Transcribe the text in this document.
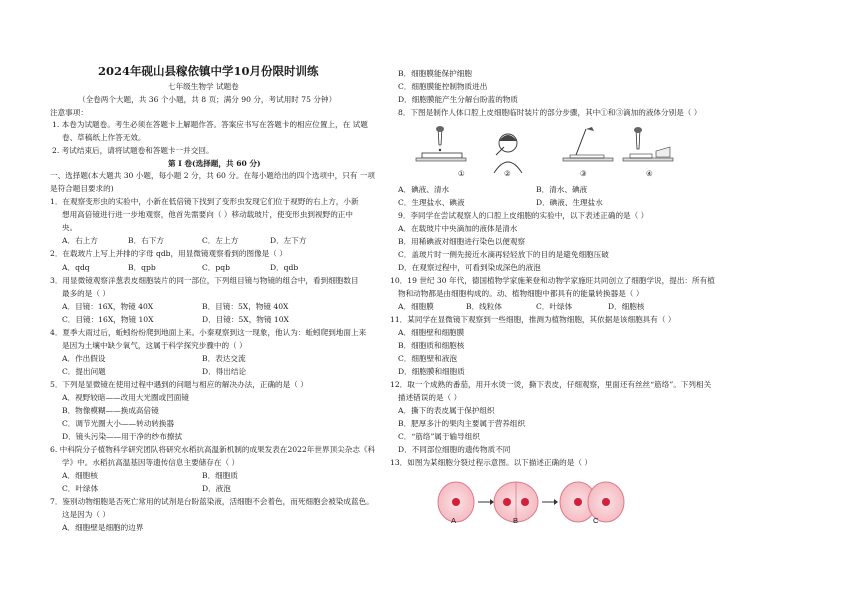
2024年砚山县稼依镇中学10月份限时训练
七年级生物学 试题卷
（全卷两个大题，共 36 个小题，共 8 页；满分 90 分，考试用时 75 分钟）
注意事项：
1. 本卷为试题卷。考生必须在答题卡上解题作答。答案应书写在答题卡的相应位置上，在 试题
卷、草稿纸上作答无效。
2. 考试结束后，请将试题卷和答题卡一并交回。
第 Ⅰ 卷(选择题，共 60 分)
一、选择题(本大题共 30 小题，每小题 2 分，共 60 分。在每小题给出的四个选项中，只有 一项
是符合题目要求的)
1．在观察变形虫的实验中，小新在低倍镜下找到了变形虫发现它们位于视野的右上方，小新
想用高倍镜进行进一步地观察，他首先需要向（ ）移动载玻片，使变形虫到视野的正中
央。
A．右上方	B．右下方	C．左上方	D．左下方
2．在载玻片上写上并排的字母 qdb，用显微镜观察看到的图像是（ ）
A．qdq	B．qpb	C．pqb	D．qdb
3．用显微镜观察洋葱表皮细胞装片的同一部位，下列组目镜与物镜的组合中，看到细胞数目
最多的是（ ）
A．目镜：16X，物镜 40X	B．目镜：5X，物镜 40X
C．目镜：16X，物镜 10X	D．目镜：5X，物镜 10X
4．夏季大雨过后，蚯蚓纷纷爬到地面上来。小秦观察到这一现象，他认为：蚯蚓爬到地面上来
是因为土壤中缺少氧气，这属于科学探究步骤中的（ ）
A．作出假设	B．表达交流
C．提出问题	D．得出结论
5．下列是显微镜在使用过程中遇到的问题与相应的解决办法，正确的是（ ）
A．视野较暗——改用大光圈或凹面镜
B．物像模糊——换成高倍镜
C．调节光圈大小——转动转换器
D．镜头污染——用干净的纱布擦拭
6. 中科院分子植物科学研究团队将研究水稻抗高温新机制的成果发表在2022年世界顶尖杂志《科
学》中。水稻抗高温基因等遗传信息主要储存在（ ）
A．细胞核	B．细胞质
C．叶绿体	D．液泡
7．鉴别动物细胞是否死亡常用的试剂是台盼蓝染液，活细胞不会着色，而死细胞会被染成蓝色。
这是因为（ ）
A．细胞壁是细胞的边界
B．细胞膜能保护细胞
C．细胞膜能控制物质进出
D．细胞膜能产生分解台盼蓝的物质
8．下图是制作人体口腔上皮细胞临时装片的部分步骤，其中①和③滴加的液体分别是（ ）
①	②	③	④
A．碘液、清水	B．清水、碘液
C．生理盐水、碘液	D．碘液、生理盐水
9．李同学在尝试观察人的口腔上皮细胞的实验中，以下表述正确的是（ ）
A．在载玻片中央滴加的液体是清水
B．用稀碘液对细胞进行染色以便观察
C．盖玻片时一侧先接近水滴再轻轻放下的目的是避免细胞压破
D．在观察过程中，可看到染成深色的液泡
10．19 世纪 30 年代，德国植物学家施莱登和动物学家施旺共同创立了细胞学说，提出：所有植
物和动物都是由细胞构成的。动、植物细胞中都具有的能量转换器是（ ）
A．细胞膜	B．线粒体	C．叶绿体	D．细胞核
11．某同学在显微镜下观察到一些细胞，推测为植物细胞，其依据是该细胞具有（ ）
A．细胞壁和细胞膜
B．细胞质和细胞核
C．细胞壁和液泡
D．细胞膜和细胞质
12．取一个成熟的番茄，用开水烫一烫，撕下表皮，仔细观察，里面还有丝丝“筋络”。下列相关
描述错误的是（ ）
A．撕下的表皮属于保护组织
B．肥厚多汁的果肉主要属于营养组织
C．“筋络”属于输导组织
D．不同部位细胞的遗传物质不同
13．如图为某细胞分裂过程示意图。以下描述正确的是（ ）
A	B	C
